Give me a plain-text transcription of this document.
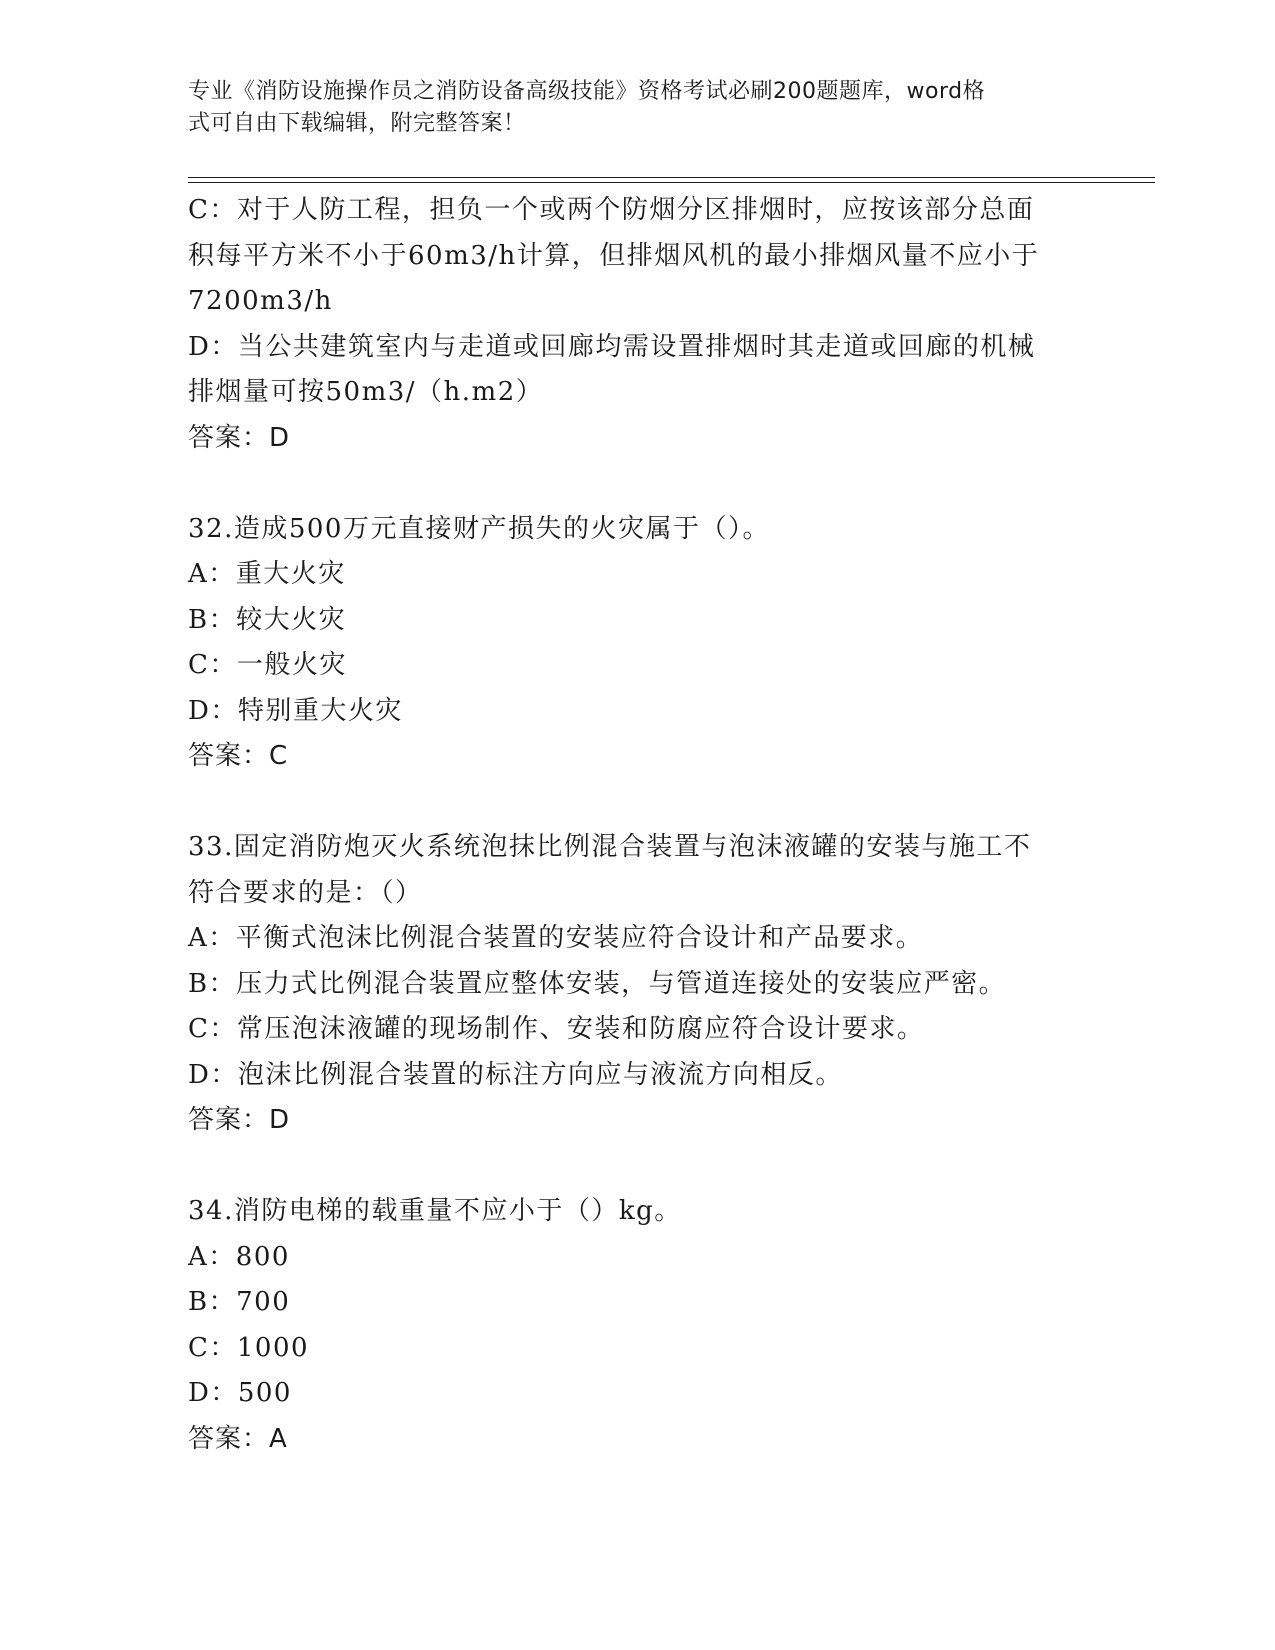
专业《消防设施操作员之消防设备高级技能》资格考试必刷200题题库，word格
式可自由下载编辑，附完整答案！
C：对于人防工程，担负一个或两个防烟分区排烟时，应按该部分总面
积每平方米不小于60m3/h计算，但排烟风机的最小排烟风量不应小于
7200m3/h
D：当公共建筑室内与走道或回廊均需设置排烟时其走道或回廊的机械
排烟量可按50m3/（h.m2）
答案：D
32.造成500万元直接财产损失的火灾属于（）。
A：重大火灾
B：较大火灾
C：一般火灾
D：特别重大火灾
答案：C
33.固定消防炮灭火系统泡抹比例混合装置与泡沫液罐的安装与施工不
符合要求的是：（）
A：平衡式泡沫比例混合装置的安装应符合设计和产品要求。
B：压力式比例混合装置应整体安装，与管道连接处的安装应严密。
C：常压泡沫液罐的现场制作、安装和防腐应符合设计要求。
D：泡沫比例混合装置的标注方向应与液流方向相反。
答案：D
34.消防电梯的载重量不应小于（）kg。
A：800
B：700
C：1000
D：500
答案：A
